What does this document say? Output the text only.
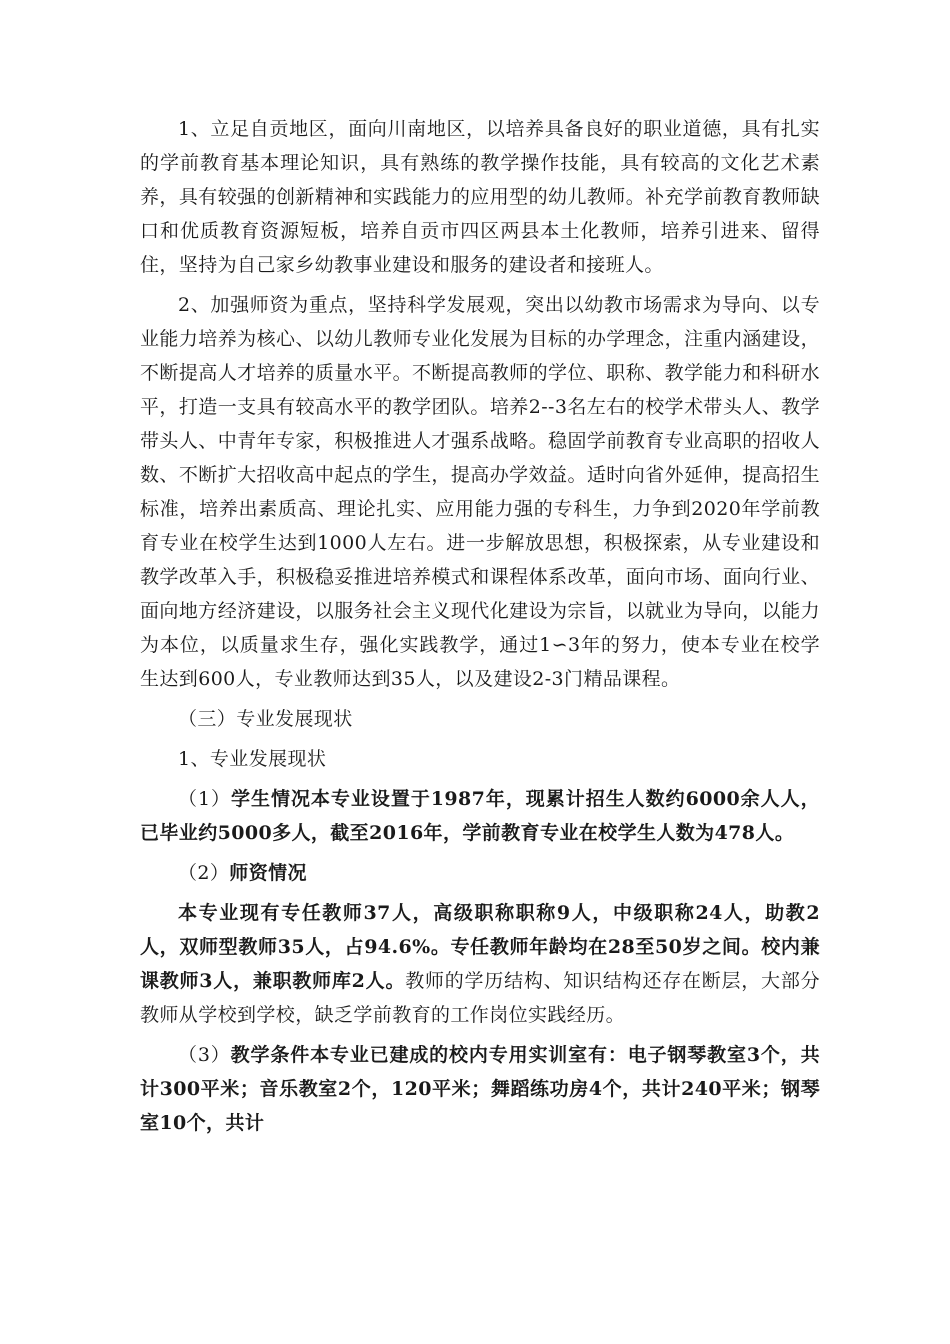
1、立足自贡地区，面向川南地区，以培养具备良好的职业道德，具有扎实的学前教育基本理论知识，具有熟练的教学操作技能，具有较高的文化艺术素养，具有较强的创新精神和实践能力的应用型的幼儿教师。补充学前教育教师缺口和优质教育资源短板，培养自贡市四区两县本土化教师，培养引进来、留得住，坚持为自己家乡幼教事业建设和服务的建设者和接班人。

2、加强师资为重点，坚持科学发展观，突出以幼教市场需求为导向、以专业能力培养为核心、以幼儿教师专业化发展为目标的办学理念，注重内涵建设，不断提高人才培养的质量水平。不断提高教师的学位、职称、教学能力和科研水平，打造一支具有较高水平的教学团队。培养2--3名左右的校学术带头人、教学带头人、中青年专家，积极推进人才强系战略。稳固学前教育专业高职的招收人数、不断扩大招收高中起点的学生，提高办学效益。适时向省外延伸，提高招生标准，培养出素质高、理论扎实、应用能力强的专科生，力争到2020年学前教育专业在校学生达到1000人左右。进一步解放思想，积极探索，从专业建设和教学改革入手，积极稳妥推进培养模式和课程体系改革，面向市场、面向行业、面向地方经济建设，以服务社会主义现代化建设为宗旨，以就业为导向，以能力为本位，以质量求生存，强化实践教学，通过1∽3年的努力，使本专业在校学生达到600人，专业教师达到35人，以及建设2-3门精品课程。

（三）专业发展现状

1、专业发展现状

（1）学生情况本专业设置于1987年，现累计招生人数约6000余人人，已毕业约5000多人，截至2016年，学前教育专业在校学生人数为478人。

（2）师资情况

本专业现有专任教师37人，高级职称职称9人，中级职称24人，助教2人，双师型教师35人，占94.6%。专任教师年龄均在28至50岁之间。校内兼课教师3人，兼职教师库2人。教师的学历结构、知识结构还存在断层，大部分教师从学校到学校，缺乏学前教育的工作岗位实践经历。

（3）教学条件本专业已建成的校内专用实训室有：电子钢琴教室3个，共计300平米；音乐教室2个，120平米；舞蹈练功房4个，共计240平米；钢琴室10个，共计
